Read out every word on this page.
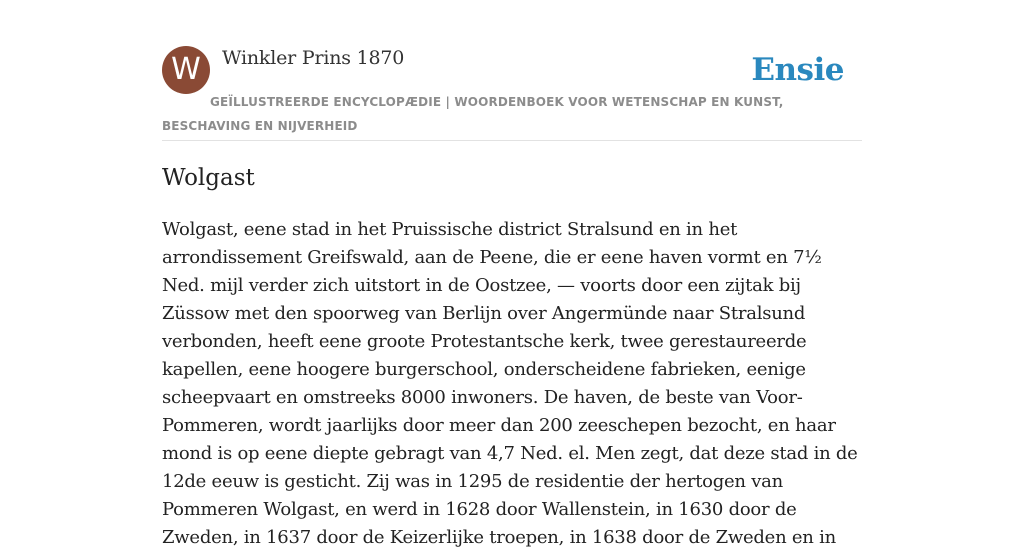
W	Winkler Prins 1870	Ensie
GEÏLLUSTREERDE ENCYCLOPÆDIE | WOORDENBOEK VOOR WETENSCHAP EN KUNST, BESCHAVING EN NIJVERHEID
Wolgast

Wolgast, eene stad in het Pruissische district Stralsund en in het arrondissement Greifswald, aan de Peene, die er eene haven vormt en 7½ Ned. mijl verder zich uitstort in de Oostzee, — voorts door een zijtak bij Züssow met den spoorweg van Berlijn over Angermünde naar Stralsund verbonden, heeft eene groote Protestantsche kerk, twee gerestaureerde kapellen, eene hoogere burgerschool, onderscheidene fabrieken, eenige scheepvaart en omstreeks 8000 inwoners. De haven, de beste van Voor-Pommeren, wordt jaarlijks door meer dan 200 zeeschepen bezocht, en haar mond is op eene diepte gebragt van 4,7 Ned. el. Men zegt, dat deze stad in de 12de eeuw is gesticht. Zij was in 1295 de residentie der hertogen van Pommeren Wolgast, en werd in 1628 door Wallenstein, in 1630 door de Zweden, in 1637 door de Keizerlijke troepen, in 1638 door de Zweden en in
